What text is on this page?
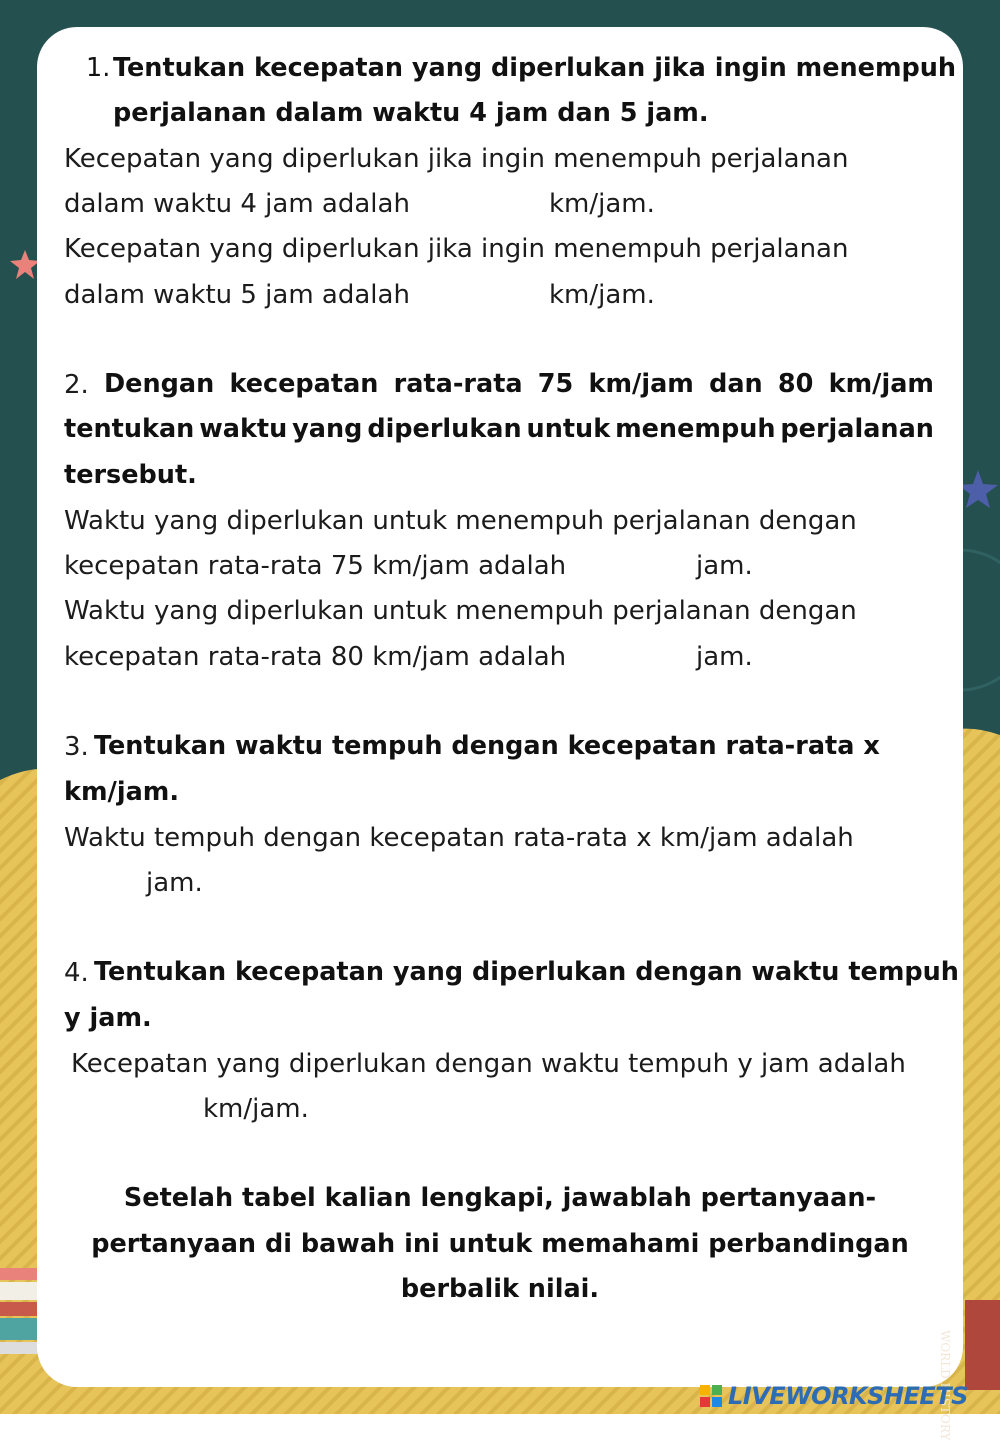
1. Tentukan kecepatan yang diperlukan jika ingin menempuh
perjalanan dalam waktu 4 jam dan 5 jam.
Kecepatan yang diperlukan jika ingin menempuh perjalanan
dalam waktu 4 jam adalah	km/jam.
Kecepatan yang diperlukan jika ingin menempuh perjalanan
dalam waktu 5 jam adalah	km/jam.
2. Dengan kecepatan rata-rata 75 km/jam dan 80 km/jam
tentukan waktu yang diperlukan untuk menempuh perjalanan
tersebut.
Waktu yang diperlukan untuk menempuh perjalanan dengan
kecepatan rata-rata 75 km/jam adalah	jam.
Waktu yang diperlukan untuk menempuh perjalanan dengan
kecepatan rata-rata 80 km/jam adalah	jam.
3. Tentukan waktu tempuh dengan kecepatan rata-rata x
km/jam.
Waktu tempuh dengan kecepatan rata-rata x km/jam adalah
jam.
4. Tentukan kecepatan yang diperlukan dengan waktu tempuh
y jam.
Kecepatan yang diperlukan dengan waktu tempuh y jam adalah
km/jam.
Setelah tabel kalian lengkapi, jawablah pertanyaan-
pertanyaan di bawah ini untuk memahami perbandingan
berbalik nilai.
WORLD HISTORY
LIVEWORKSHEETS
